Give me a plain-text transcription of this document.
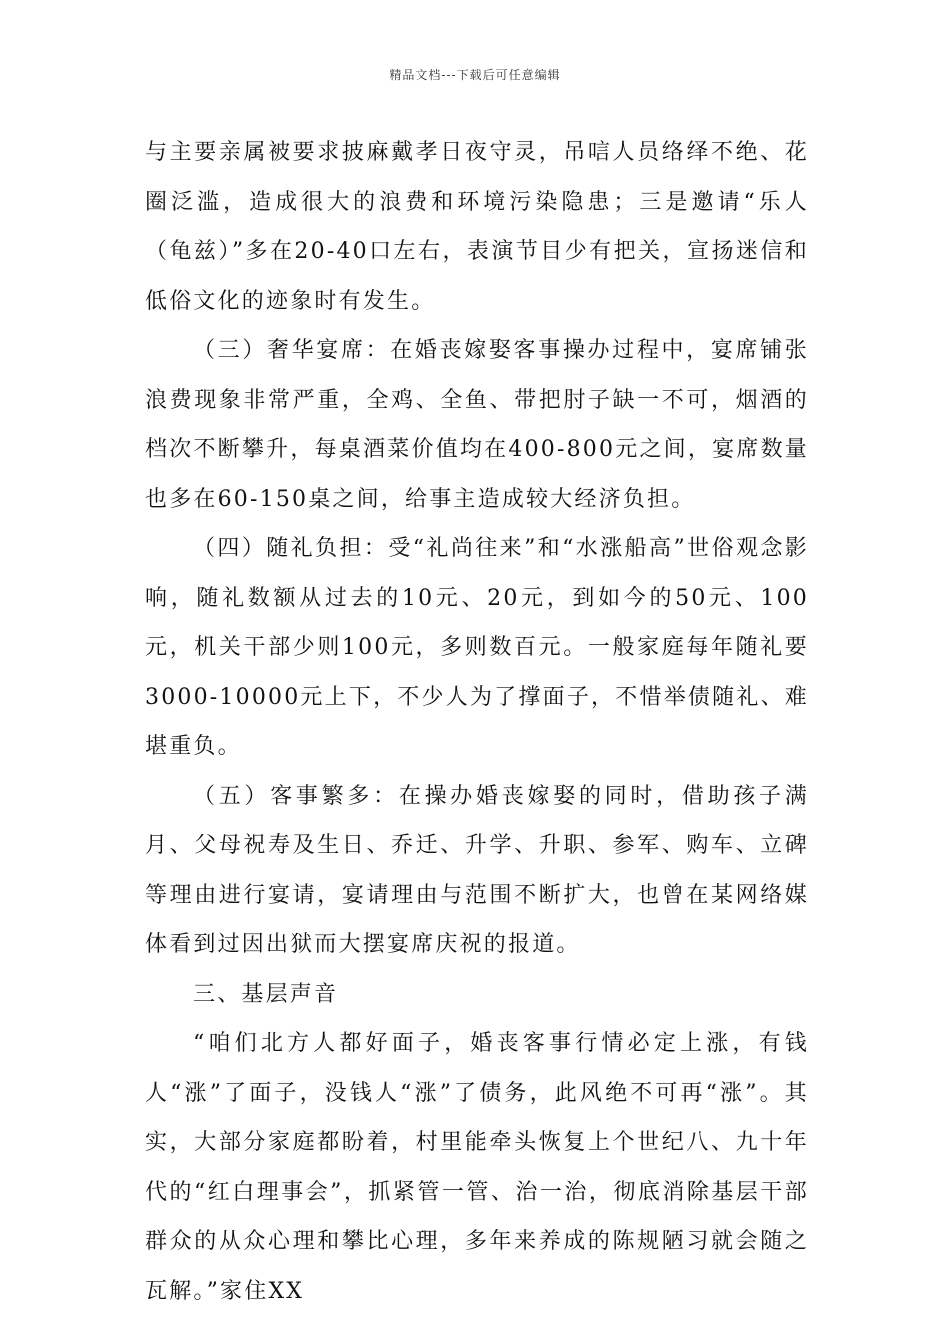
精品文档---下载后可任意编辑

与主要亲属被要求披麻戴孝日夜守灵，吊唁人员络绎不绝、花圈泛滥，造成很大的浪费和环境污染隐患；三是邀请“乐人（龟兹）”多在20-40口左右，表演节目少有把关，宣扬迷信和低俗文化的迹象时有发生。

（三）奢华宴席：在婚丧嫁娶客事操办过程中，宴席铺张浪费现象非常严重，全鸡、全鱼、带把肘子缺一不可，烟酒的档次不断攀升，每桌酒菜价值均在400-800元之间，宴席数量也多在60-150桌之间，给事主造成较大经济负担。

（四）随礼负担：受“礼尚往来”和“水涨船高”世俗观念影响，随礼数额从过去的10元、20元，到如今的50元、100元，机关干部少则100元，多则数百元。一般家庭每年随礼要3000-10000元上下，不少人为了撑面子，不惜举债随礼、难堪重负。

（五）客事繁多：在操办婚丧嫁娶的同时，借助孩子满月、父母祝寿及生日、乔迁、升学、升职、参军、购车、立碑等理由进行宴请，宴请理由与范围不断扩大，也曾在某网络媒体看到过因出狱而大摆宴席庆祝的报道。

三、基层声音

“咱们北方人都好面子，婚丧客事行情必定上涨，有钱人“涨”了面子，没钱人“涨”了债务，此风绝不可再“涨”。其实，大部分家庭都盼着，村里能牵头恢复上个世纪八、九十年代的“红白理事会”，抓紧管一管、治一治，彻底消除基层干部群众的从众心理和攀比心理，多年来养成的陈规陋习就会随之瓦解。”家住XX
